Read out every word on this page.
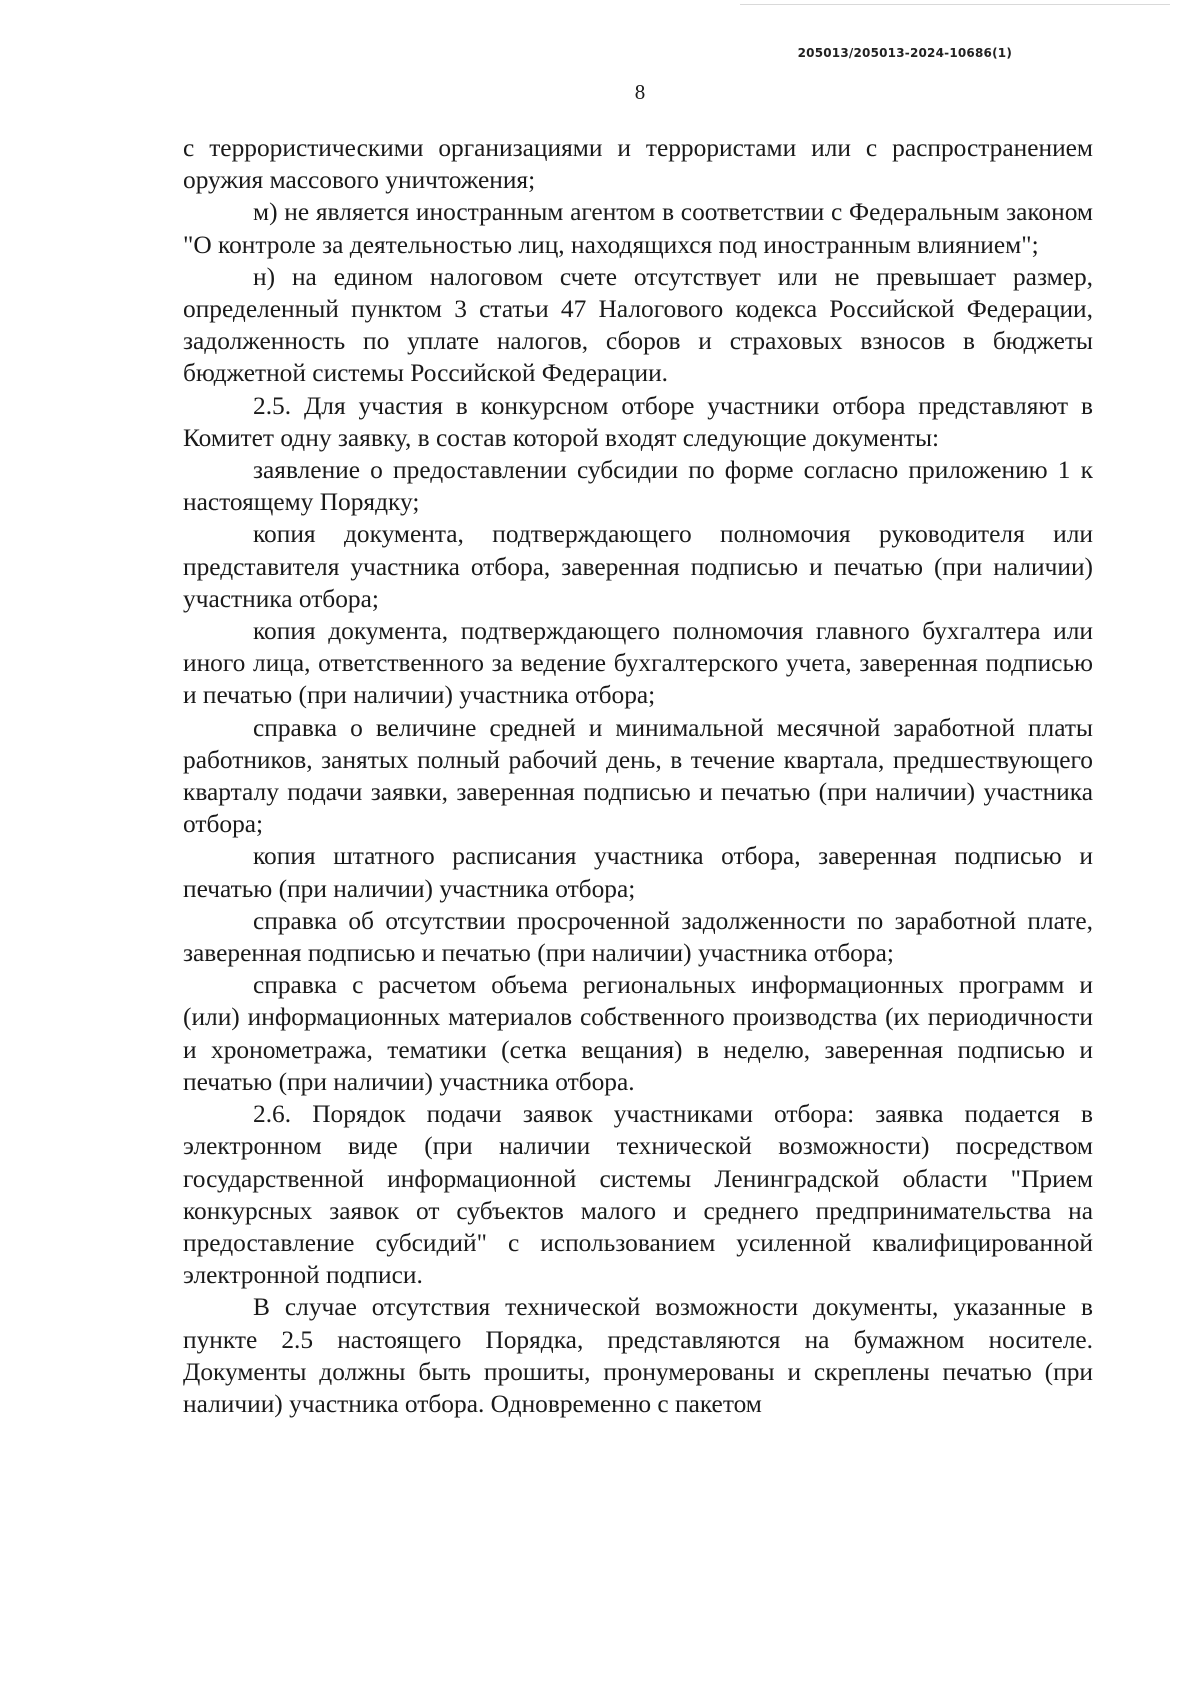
205013/205013-2024-10686(1)
8

с террористическими организациями и террористами или с распространением оружия массового уничтожения;

м) не является иностранным агентом в соответствии с Федеральным законом "О контроле за деятельностью лиц, находящихся под иностранным влиянием";

н) на едином налоговом счете отсутствует или не превышает размер, определенный пунктом 3 статьи 47 Налогового кодекса Российской Федерации, задолженность по уплате налогов, сборов и страховых взносов в бюджеты бюджетной системы Российской Федерации.

2.5. Для участия в конкурсном отборе участники отбора представляют в Комитет одну заявку, в состав которой входят следующие документы:

заявление о предоставлении субсидии по форме согласно приложению 1 к настоящему Порядку;

копия документа, подтверждающего полномочия руководителя или представителя участника отбора, заверенная подписью и печатью (при наличии) участника отбора;

копия документа, подтверждающего полномочия главного бухгалтера или иного лица, ответственного за ведение бухгалтерского учета, заверенная подписью и печатью (при наличии) участника отбора;

справка о величине средней и минимальной месячной заработной платы работников, занятых полный рабочий день, в течение квартала, предшествующего кварталу подачи заявки, заверенная подписью и печатью (при наличии) участника отбора;

копия штатного расписания участника отбора, заверенная подписью и печатью (при наличии) участника отбора;

справка об отсутствии просроченной задолженности по заработной плате, заверенная подписью и печатью (при наличии) участника отбора;

справка с расчетом объема региональных информационных программ и (или) информационных материалов собственного производства (их периодичности и хронометража, тематики (сетка вещания) в неделю, заверенная подписью и печатью (при наличии) участника отбора.

2.6. Порядок подачи заявок участниками отбора: заявка подается в электронном виде (при наличии технической возможности) посредством государственной информационной системы Ленинградской области "Прием конкурсных заявок от субъектов малого и среднего предпринимательства на предоставление субсидий" с использованием усиленной квалифицированной электронной подписи.

В случае отсутствия технической возможности документы, указанные в пункте 2.5 настоящего Порядка, представляются на бумажном носителе. Документы должны быть прошиты, пронумерованы и скреплены печатью (при наличии) участника отбора. Одновременно с пакетом
